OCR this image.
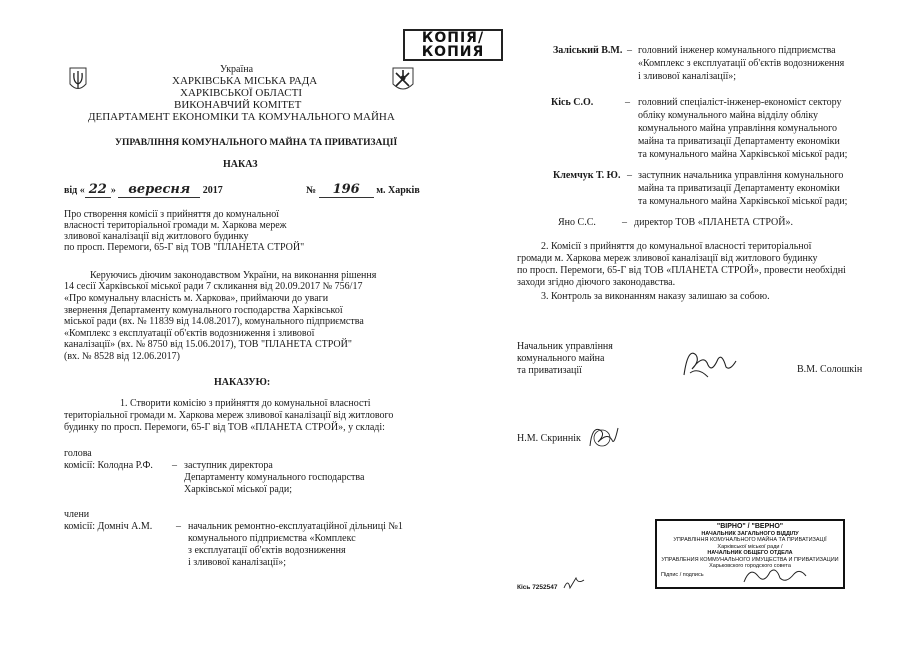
КОПІЯ/
КОПИЯ
Україна
ХАРКІВСЬКА МІСЬКА РАДА
ХАРКІВСЬКОЇ ОБЛАСТІ
ВИКОНАВЧИЙ КОМІТЕТ
ДЕПАРТАМЕНТ ЕКОНОМІКИ ТА КОМУНАЛЬНОГО МАЙНА
УПРАВЛІННЯ КОМУНАЛЬНОГО МАЙНА ТА ПРИВАТИЗАЦІЇ
НАКАЗ
від « 22 » вересня 2017	№ 196 м. Харків
Про створення комісії з прийняття до комунальної
власності територіальної громади м. Харкова мереж
зливової каналізації від житлового будинку
по просп. Перемоги, 65-Г від ТОВ "ПЛАНЕТА СТРОЙ"
Керуючись діючим законодавством України, на виконання рішення
14 сесії Харківської міської ради 7 скликання від 20.09.2017 № 756/17
«Про комунальну власність м. Харкова», приймаючи до уваги
звернення Департаменту комунального господарства Харківської
міської ради (вх. № 11839 від 14.08.2017), комунального підприємства
«Комплекс з експлуатації об'єктів водозниження і зливової
каналізації» (вх. № 8750 від 15.06.2017), ТОВ "ПЛАНЕТА СТРОЙ"
(вх. № 8528 від 12.06.2017)
НАКАЗУЮ:
1. Створити комісію з прийняття до комунальної власності
територіальної громади м. Харкова мереж зливової каналізації від житлового
будинку по просп. Перемоги, 65-Г від ТОВ «ПЛАНЕТА СТРОЙ», у складі:
голова
комісії: Колодна Р.Ф. – заступник директора
Департаменту комунального господарства
Харківської міської ради;
члени
комісії: Домніч А.М. – начальник ремонтно-експлуатаційної дільниці №1
комунального підприємства «Комплекс
з експлуатації об'єктів водозниження
і зливової каналізації»;
Заліський В.М. – головний інженер комунального підприємства
«Комплекс з експлуатації об'єктів водозниження
і зливової каналізації»;
Кісь С.О.	– головний спеціаліст-інженер-економіст сектору
обліку комунального майна відділу обліку
комунального майна управління комунального
майна та приватизації Департаменту економіки
та комунального майна Харківської міської ради;
Клемчук Т. Ю. – заступник начальника управління комунального
майна та приватизації Департаменту економіки
та комунального майна Харківської міської ради;
Яно С.С.	– директор ТОВ «ПЛАНЕТА СТРОЙ».
2. Комісії з прийняття до комунальної власності територіальної
громади м. Харкова мереж зливової каналізації від житлового будинку
по просп. Перемоги, 65-Г від ТОВ «ПЛАНЕТА СТРОЙ», провести необхідні
заходи згідно діючого законодавства.
3. Контроль за виконанням наказу залишаю за собою.
Начальник управління
комунального майна
та приватизації	В.М. Солошкін
Н.М. Скриннік
Кісь 7252547
"ВІРНО" / "ВЕРНО"
НАЧАЛЬНИК ЗАГАЛЬНОГО ВІДДІЛУ
УПРАВЛІННЯ КОМУНАЛЬНОГО МАЙНА ТА ПРИВАТИЗАЦІЇ
Харківської міської ради /
НАЧАЛЬНИК ОБЩЕГО ОТДЕЛА
УПРАВЛЕНИЯ КОММУНАЛЬНОГО ИМУЩЕСТВА И ПРИВАТИЗАЦИИ
Харьковского городского совета
Підпис / подпись
